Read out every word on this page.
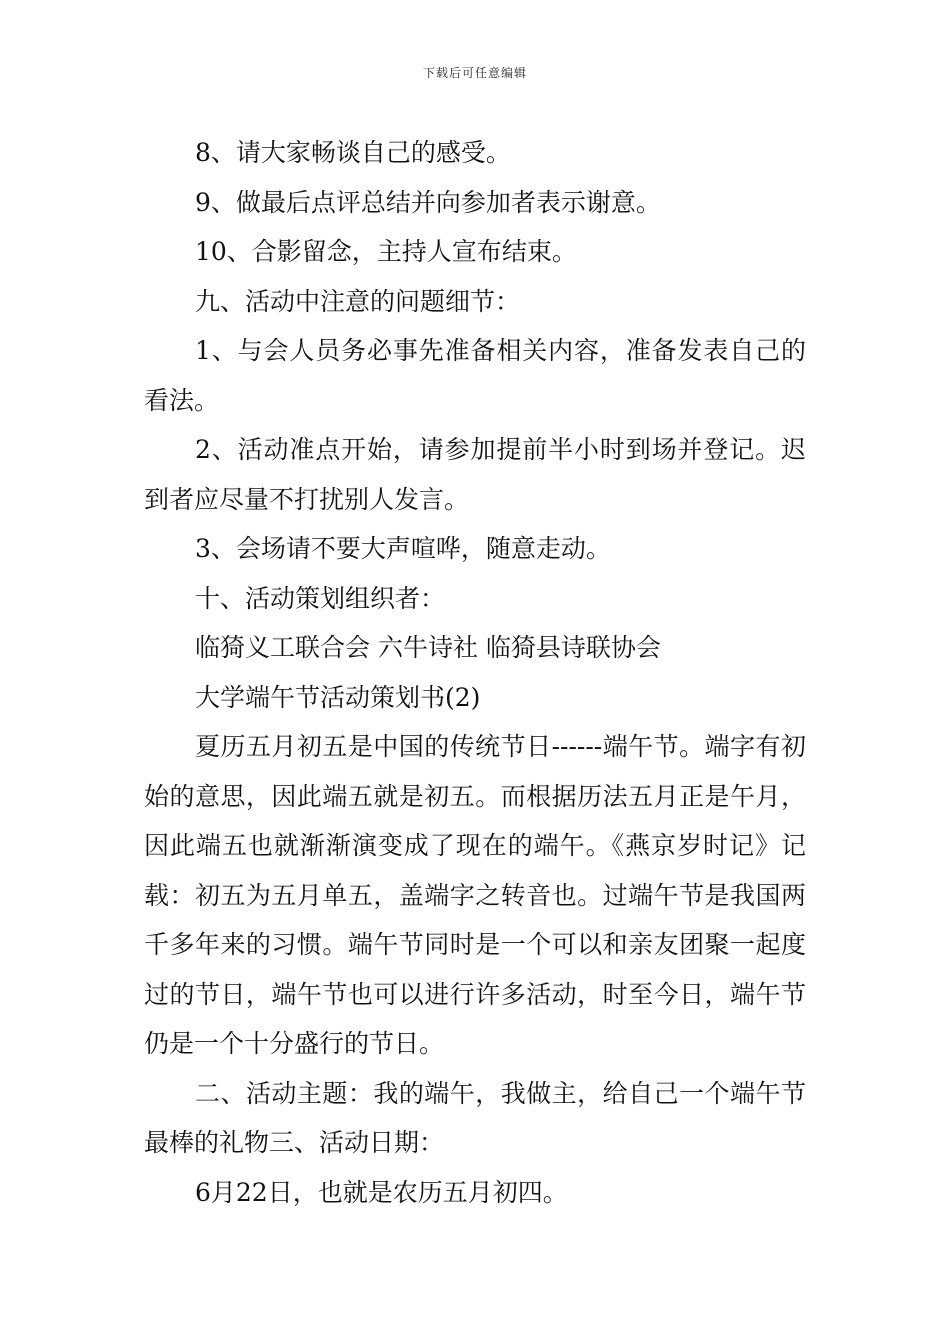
下载后可任意编辑

8、请大家畅谈自己的感受。

9、做最后点评总结并向参加者表示谢意。

10、合影留念，主持人宣布结束。

九、活动中注意的问题细节：

1、与会人员务必事先准备相关内容，准备发表自己的看法。

2、活动准点开始，请参加提前半小时到场并登记。迟到者应尽量不打扰别人发言。

3、会场请不要大声喧哗，随意走动。

十、活动策划组织者：

临猗义工联合会 六牛诗社 临猗县诗联协会

大学端午节活动策划书(2)

夏历五月初五是中国的传统节日------端午节。端字有初始的意思，因此端五就是初五。而根据历法五月正是午月，因此端五也就渐渐演变成了现在的端午。《燕京岁时记》记载：初五为五月单五，盖端字之转音也。过端午节是我国两千多年来的习惯。端午节同时是一个可以和亲友团聚一起度过的节日，端午节也可以进行许多活动，时至今日，端午节仍是一个十分盛行的节日。

二、活动主题：我的端午，我做主，给自己一个端午节最棒的礼物三、活动日期：

6月22日，也就是农历五月初四。
